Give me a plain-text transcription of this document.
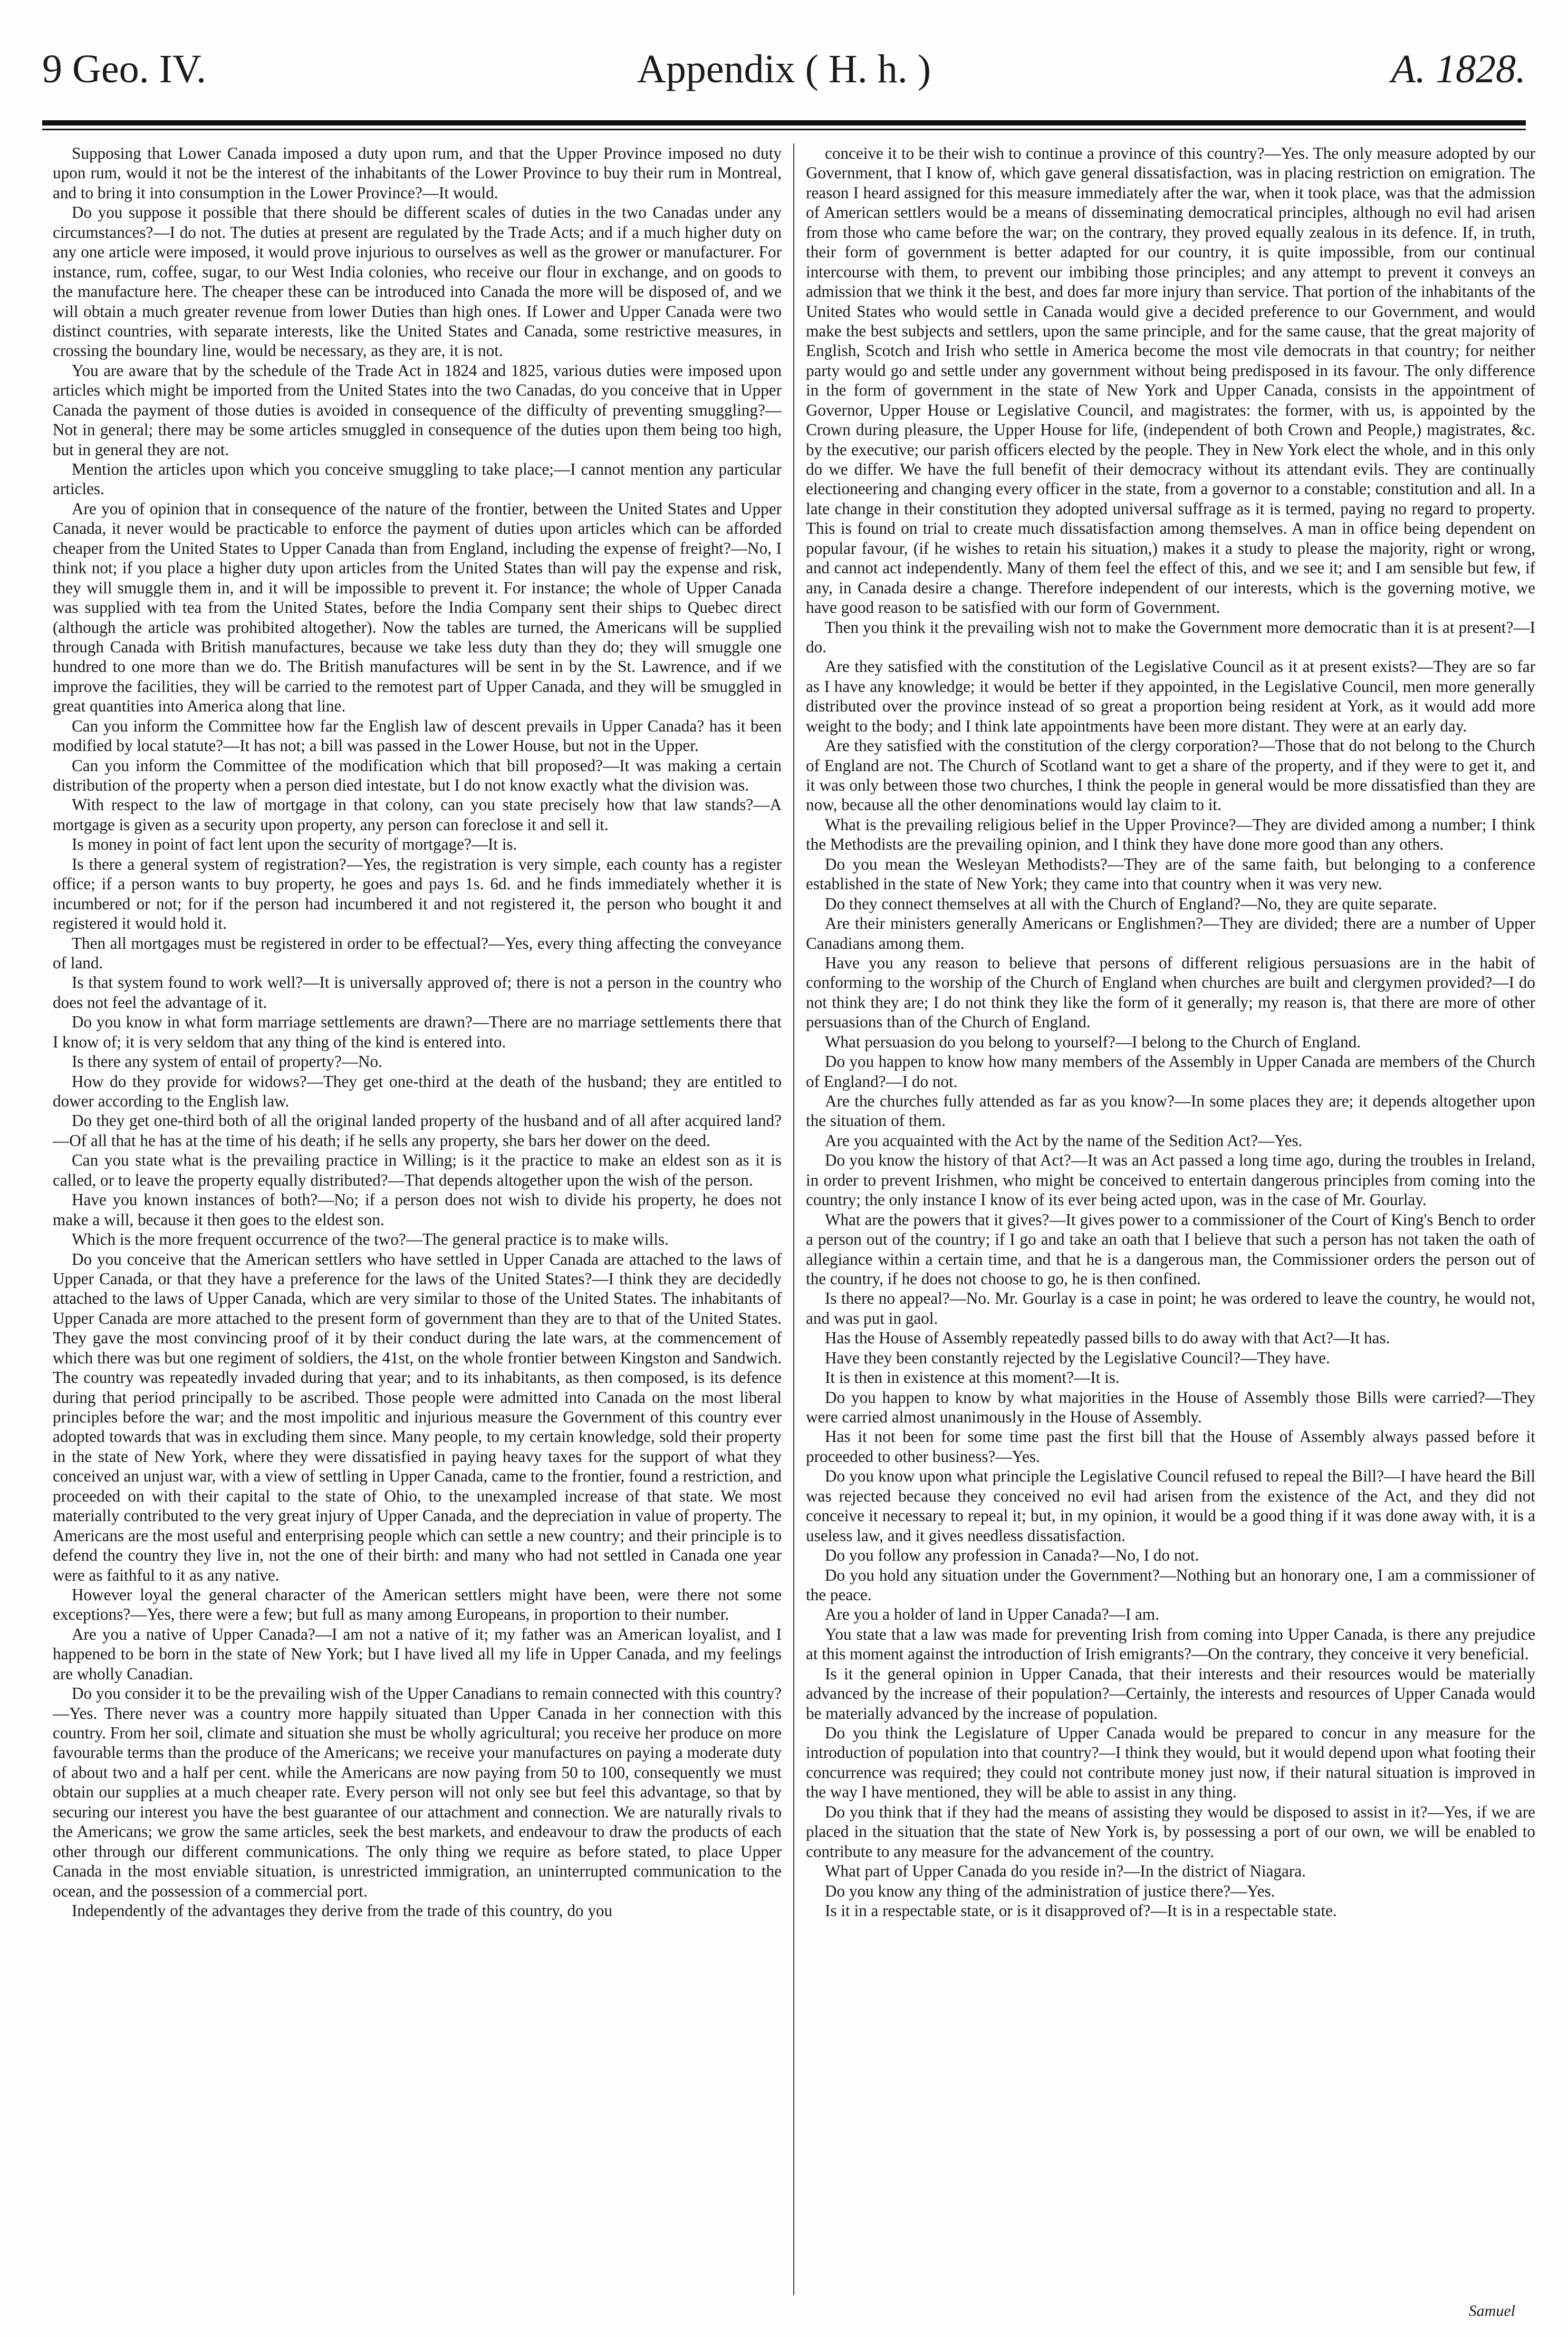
9 Geo. IV.	Appendix ( H. h. )	A. 1828.

Supposing that Lower Canada imposed a duty upon rum, and that the Upper Province imposed no duty upon rum, would it not be the interest of the inhabitants of the Lower Province to buy their rum in Montreal, and to bring it into consumption in the Lower Province?—It would.

Do you suppose it possible that there should be different scales of duties in the two Canadas under any circumstances?—I do not. The duties at present are regulated by the Trade Acts; and if a much higher duty on any one article were imposed, it would prove injurious to ourselves as well as the grower or manufacturer. For instance, rum, coffee, sugar, to our West India colonies, who receive our flour in exchange, and on goods to the manufacture here. The cheaper these can be introduced into Canada the more will be disposed of, and we will obtain a much greater revenue from lower Duties than high ones. If Lower and Upper Canada were two distinct countries, with separate interests, like the United States and Canada, some restrictive measures, in crossing the boundary line, would be necessary, as they are, it is not.

You are aware that by the schedule of the Trade Act in 1824 and 1825, various duties were imposed upon articles which might be imported from the United States into the two Canadas, do you conceive that in Upper Canada the payment of those duties is avoided in consequence of the difficulty of preventing smuggling?—Not in general; there may be some articles smuggled in consequence of the duties upon them being too high, but in general they are not.

Mention the articles upon which you conceive smuggling to take place;—I cannot mention any particular articles.

Are you of opinion that in consequence of the nature of the frontier, between the United States and Upper Canada, it never would be practicable to enforce the payment of duties upon articles which can be afforded cheaper from the United States to Upper Canada than from England, including the expense of freight?—No, I think not; if you place a higher duty upon articles from the United States than will pay the expense and risk, they will smuggle them in, and it will be impossible to prevent it. For instance; the whole of Upper Canada was supplied with tea from the United States, before the India Company sent their ships to Quebec direct (although the article was prohibited altogether). Now the tables are turned, the Americans will be supplied through Canada with British manufactures, because we take less duty than they do; they will smuggle one hundred to one more than we do. The British manufactures will be sent in by the St. Lawrence, and if we improve the facilities, they will be carried to the remotest part of Upper Canada, and they will be smuggled in great quantities into America along that line.

Can you inform the Committee how far the English law of descent prevails in Upper Canada? has it been modified by local statute?—It has not; a bill was passed in the Lower House, but not in the Upper.

Can you inform the Committee of the modification which that bill proposed?—It was making a certain distribution of the property when a person died intestate, but I do not know exactly what the division was.

With respect to the law of mortgage in that colony, can you state precisely how that law stands?—A mortgage is given as a security upon property, any person can foreclose it and sell it.

Is money in point of fact lent upon the security of mortgage?—It is.

Is there a general system of registration?—Yes, the registration is very simple, each county has a register office; if a person wants to buy property, he goes and pays 1s. 6d. and he finds immediately whether it is incumbered or not; for if the person had incumbered it and not registered it, the person who bought it and registered it would hold it.

Then all mortgages must be registered in order to be effectual?—Yes, every thing affecting the conveyance of land.

Is that system found to work well?—It is universally approved of; there is not a person in the country who does not feel the advantage of it.

Do you know in what form marriage settlements are drawn?—There are no marriage settlements there that I know of; it is very seldom that any thing of the kind is entered into.

Is there any system of entail of property?—No.

How do they provide for widows?—They get one-third at the death of the husband; they are entitled to dower according to the English law.

Do they get one-third both of all the original landed property of the husband and of all after acquired land?—Of all that he has at the time of his death; if he sells any property, she bars her dower on the deed.

Can you state what is the prevailing practice in Willing; is it the practice to make an eldest son as it is called, or to leave the property equally distributed?—That depends altogether upon the wish of the person.

Have you known instances of both?—No; if a person does not wish to divide his property, he does not make a will, because it then goes to the eldest son.

Which is the more frequent occurrence of the two?—The general practice is to make wills.

Do you conceive that the American settlers who have settled in Upper Canada are attached to the laws of Upper Canada, or that they have a preference for the laws of the United States?—I think they are decidedly attached to the laws of Upper Canada, which are very similar to those of the United States. The inhabitants of Upper Canada are more attached to the present form of government than they are to that of the United States. They gave the most convincing proof of it by their conduct during the late wars, at the commencement of which there was but one regiment of soldiers, the 41st, on the whole frontier between Kingston and Sandwich. The country was repeatedly invaded during that year; and to its inhabitants, as then composed, is its defence during that period principally to be ascribed. Those people were admitted into Canada on the most liberal principles before the war; and the most impolitic and injurious measure the Government of this country ever adopted towards that was in excluding them since. Many people, to my certain knowledge, sold their property in the state of New York, where they were dissatisfied in paying heavy taxes for the support of what they conceived an unjust war, with a view of settling in Upper Canada, came to the frontier, found a restriction, and proceeded on with their capital to the state of Ohio, to the unexampled increase of that state. We most materially contributed to the very great injury of Upper Canada, and the depreciation in value of property. The Americans are the most useful and enterprising people which can settle a new country; and their principle is to defend the country they live in, not the one of their birth: and many who had not settled in Canada one year were as faithful to it as any native.

However loyal the general character of the American settlers might have been, were there not some exceptions?—Yes, there were a few; but full as many among Europeans, in proportion to their number.

Are you a native of Upper Canada?—I am not a native of it; my father was an American loyalist, and I happened to be born in the state of New York; but I have lived all my life in Upper Canada, and my feelings are wholly Canadian.

Do you consider it to be the prevailing wish of the Upper Canadians to remain connected with this country?—Yes. There never was a country more happily situated than Upper Canada in her connection with this country. From her soil, climate and situation she must be wholly agricultural; you receive her produce on more favourable terms than the produce of the Americans; we receive your manufactures on paying a moderate duty of about two and a half per cent. while the Americans are now paying from 50 to 100, consequently we must obtain our supplies at a much cheaper rate. Every person will not only see but feel this advantage, so that by securing our interest you have the best guarantee of our attachment and connection. We are naturally rivals to the Americans; we grow the same articles, seek the best markets, and endeavour to draw the products of each other through our different communications. The only thing we require as before stated, to place Upper Canada in the most enviable situation, is unrestricted immigration, an uninterrupted communication to the ocean, and the possession of a commercial port.

Independently of the advantages they derive from the trade of this country, do you

conceive it to be their wish to continue a province of this country?—Yes. The only measure adopted by our Government, that I know of, which gave general dissatisfaction, was in placing restriction on emigration. The reason I heard assigned for this measure immediately after the war, when it took place, was that the admission of American settlers would be a means of disseminating democratical principles, although no evil had arisen from those who came before the war; on the contrary, they proved equally zealous in its defence. If, in truth, their form of government is better adapted for our country, it is quite impossible, from our continual intercourse with them, to prevent our imbibing those principles; and any attempt to prevent it conveys an admission that we think it the best, and does far more injury than service. That portion of the inhabitants of the United States who would settle in Canada would give a decided preference to our Government, and would make the best subjects and settlers, upon the same principle, and for the same cause, that the great majority of English, Scotch and Irish who settle in America become the most vile democrats in that country; for neither party would go and settle under any government without being predisposed in its favour. The only difference in the form of government in the state of New York and Upper Canada, consists in the appointment of Governor, Upper House or Legislative Council, and magistrates: the former, with us, is appointed by the Crown during pleasure, the Upper House for life, (independent of both Crown and People,) magistrates, &c. by the executive; our parish officers elected by the people. They in New York elect the whole, and in this only do we differ. We have the full benefit of their democracy without its attendant evils. They are continually electioneering and changing every officer in the state, from a governor to a constable; constitution and all. In a late change in their constitution they adopted universal suffrage as it is termed, paying no regard to property. This is found on trial to create much dissatisfaction among themselves. A man in office being dependent on popular favour, (if he wishes to retain his situation,) makes it a study to please the majority, right or wrong, and cannot act independently. Many of them feel the effect of this, and we see it; and I am sensible but few, if any, in Canada desire a change. Therefore independent of our interests, which is the governing motive, we have good reason to be satisfied with our form of Government.

Then you think it the prevailing wish not to make the Government more democratic than it is at present?—I do.

Are they satisfied with the constitution of the Legislative Council as it at present exists?—They are so far as I have any knowledge; it would be better if they appointed, in the Legislative Council, men more generally distributed over the province instead of so great a proportion being resident at York, as it would add more weight to the body; and I think late appointments have been more distant. They were at an early day.

Are they satisfied with the constitution of the clergy corporation?—Those that do not belong to the Church of England are not. The Church of Scotland want to get a share of the property, and if they were to get it, and it was only between those two churches, I think the people in general would be more dissatisfied than they are now, because all the other denominations would lay claim to it.

What is the prevailing religious belief in the Upper Province?—They are divided among a number; I think the Methodists are the prevailing opinion, and I think they have done more good than any others.

Do you mean the Wesleyan Methodists?—They are of the same faith, but belonging to a conference established in the state of New York; they came into that country when it was very new.

Do they connect themselves at all with the Church of England?—No, they are quite separate.

Are their ministers generally Americans or Englishmen?—They are divided; there are a number of Upper Canadians among them.

Have you any reason to believe that persons of different religious persuasions are in the habit of conforming to the worship of the Church of England when churches are built and clergymen provided?—I do not think they are; I do not think they like the form of it generally; my reason is, that there are more of other persuasions than of the Church of England.

What persuasion do you belong to yourself?—I belong to the Church of England.

Do you happen to know how many members of the Assembly in Upper Canada are members of the Church of England?—I do not.

Are the churches fully attended as far as you know?—In some places they are; it depends altogether upon the situation of them.

Are you acquainted with the Act by the name of the Sedition Act?—Yes.

Do you know the history of that Act?—It was an Act passed a long time ago, during the troubles in Ireland, in order to prevent Irishmen, who might be conceived to entertain dangerous principles from coming into the country; the only instance I know of its ever being acted upon, was in the case of Mr. Gourlay.

What are the powers that it gives?—It gives power to a commissioner of the Court of King's Bench to order a person out of the country; if I go and take an oath that I believe that such a person has not taken the oath of allegiance within a certain time, and that he is a dangerous man, the Commissioner orders the person out of the country, if he does not choose to go, he is then confined.

Is there no appeal?—No. Mr. Gourlay is a case in point; he was ordered to leave the country, he would not, and was put in gaol.

Has the House of Assembly repeatedly passed bills to do away with that Act?—It has.

Have they been constantly rejected by the Legislative Council?—They have.

It is then in existence at this moment?—It is.

Do you happen to know by what majorities in the House of Assembly those Bills were carried?—They were carried almost unanimously in the House of Assembly.

Has it not been for some time past the first bill that the House of Assembly always passed before it proceeded to other business?—Yes.

Do you know upon what principle the Legislative Council refused to repeal the Bill?—I have heard the Bill was rejected because they conceived no evil had arisen from the existence of the Act, and they did not conceive it necessary to repeal it; but, in my opinion, it would be a good thing if it was done away with, it is a useless law, and it gives needless dissatisfaction.

Do you follow any profession in Canada?—No, I do not.

Do you hold any situation under the Government?—Nothing but an honorary one, I am a commissioner of the peace.

Are you a holder of land in Upper Canada?—I am.

You state that a law was made for preventing Irish from coming into Upper Canada, is there any prejudice at this moment against the introduction of Irish emigrants?—On the contrary, they conceive it very beneficial.

Is it the general opinion in Upper Canada, that their interests and their resources would be materially advanced by the increase of their population?—Certainly, the interests and resources of Upper Canada would be materially advanced by the increase of population.

Do you think the Legislature of Upper Canada would be prepared to concur in any measure for the introduction of population into that country?—I think they would, but it would depend upon what footing their concurrence was required; they could not contribute money just now, if their natural situation is improved in the way I have mentioned, they will be able to assist in any thing.

Do you think that if they had the means of assisting they would be disposed to assist in it?—Yes, if we are placed in the situation that the state of New York is, by possessing a port of our own, we will be enabled to contribute to any measure for the advancement of the country.

What part of Upper Canada do you reside in?—In the district of Niagara.

Do you know any thing of the administration of justice there?—Yes.

Is it in a respectable state, or is it disapproved of?—It is in a respectable state.

Samuel
